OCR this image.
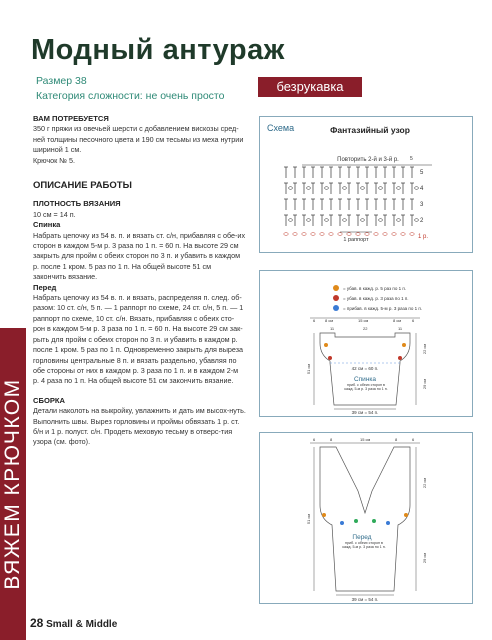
Модный антураж
Размер 38
Категория сложности: не очень просто
безрукавка
ВАМ ПОТРЕБУЕТСЯ

350 г пряжи из овечьей шерсти с добавлением вискозы сред-ней толщины песочного цвета и 190 см тесьмы из меха нутрии шириной 1 см.

Крючок № 5.

ОПИСАНИЕ РАБОТЫ
ПЛОТНОСТЬ ВЯЗАНИЯ

10 см = 14 п.

Спинка

Набрать цепочку из 54 в. п. и вязать ст. с/н, прибавляя с обе-их сторон в каждом 5-м р. 3 раза по 1 п. = 60 п. На высоте 29 см закрыть для пройм с обеих сторон по 3 п. и убавить в каждом р. после 1 кром. 5 раз по 1 п. На общей высоте 51 см закончить вязание.

Перед

Набрать цепочку из 54 в. п. и вязать, распределяя п. след. об-разом: 10 ст. с/н, 5 п. — 1 раппорт по схеме, 24 ст. с/н, 5 п. — 1 раппорт по схеме, 10 ст. с/н. Вязать, прибавляя с обеих сто-рон в каждом 5-м р. 3 раза по 1 п. = 60 п. На высоте 29 см зак-рыть для пройм с обеих сторон по 3 п. и убавить в каждом р. после 1 кром. 5 раз по 1 п. Одновременно закрыть для выреза горловины центральные 8 п. и вязать раздельно, убавляя по обе стороны от них в каждом р. 3 раза по 1 п. и в каждом 2-м р. 4 раза по 1 п. На общей высоте 51 см закончить вязание.

СБОРКА

Детали наколоть на выкройку, увлажнить и дать им высох-нуть. Выполнить швы. Вырез горловины и проймы обвязать 1 р. ст. б/н и 1 р. полуст. с/н. Продеть меховую тесьму в отверс-тия узора (см. фото).

ВЯЖЕМ КРЮЧКОМ
28 Small & Middle
Схема	Фантазийный узор
Повторить 2-й и 3-й р. 5
5
4
3
2
1 р.
1 раппорт
= убав. в кажд. р. 5 раз по 1 п.
= убав. в кажд. р. 3 раза по 1 п.
= прибав. в кажд. 5-м р. 3 раза по 1 п.
6 8 см	15 см	8 см	6
11	22	11
42 см = 60 п.
Спинка
приб. с обеих сторон в кажд. 5-м р. 3 раза по 1 п.
39 см = 54 п.
22 см
29 см
51 см
6	8	15 см	8	6
Перед
приб. с обеих сторон в кажд. 5-м р. 3 раза по 1 п.
39 см = 54 п.
22 см
29 см
51 см
